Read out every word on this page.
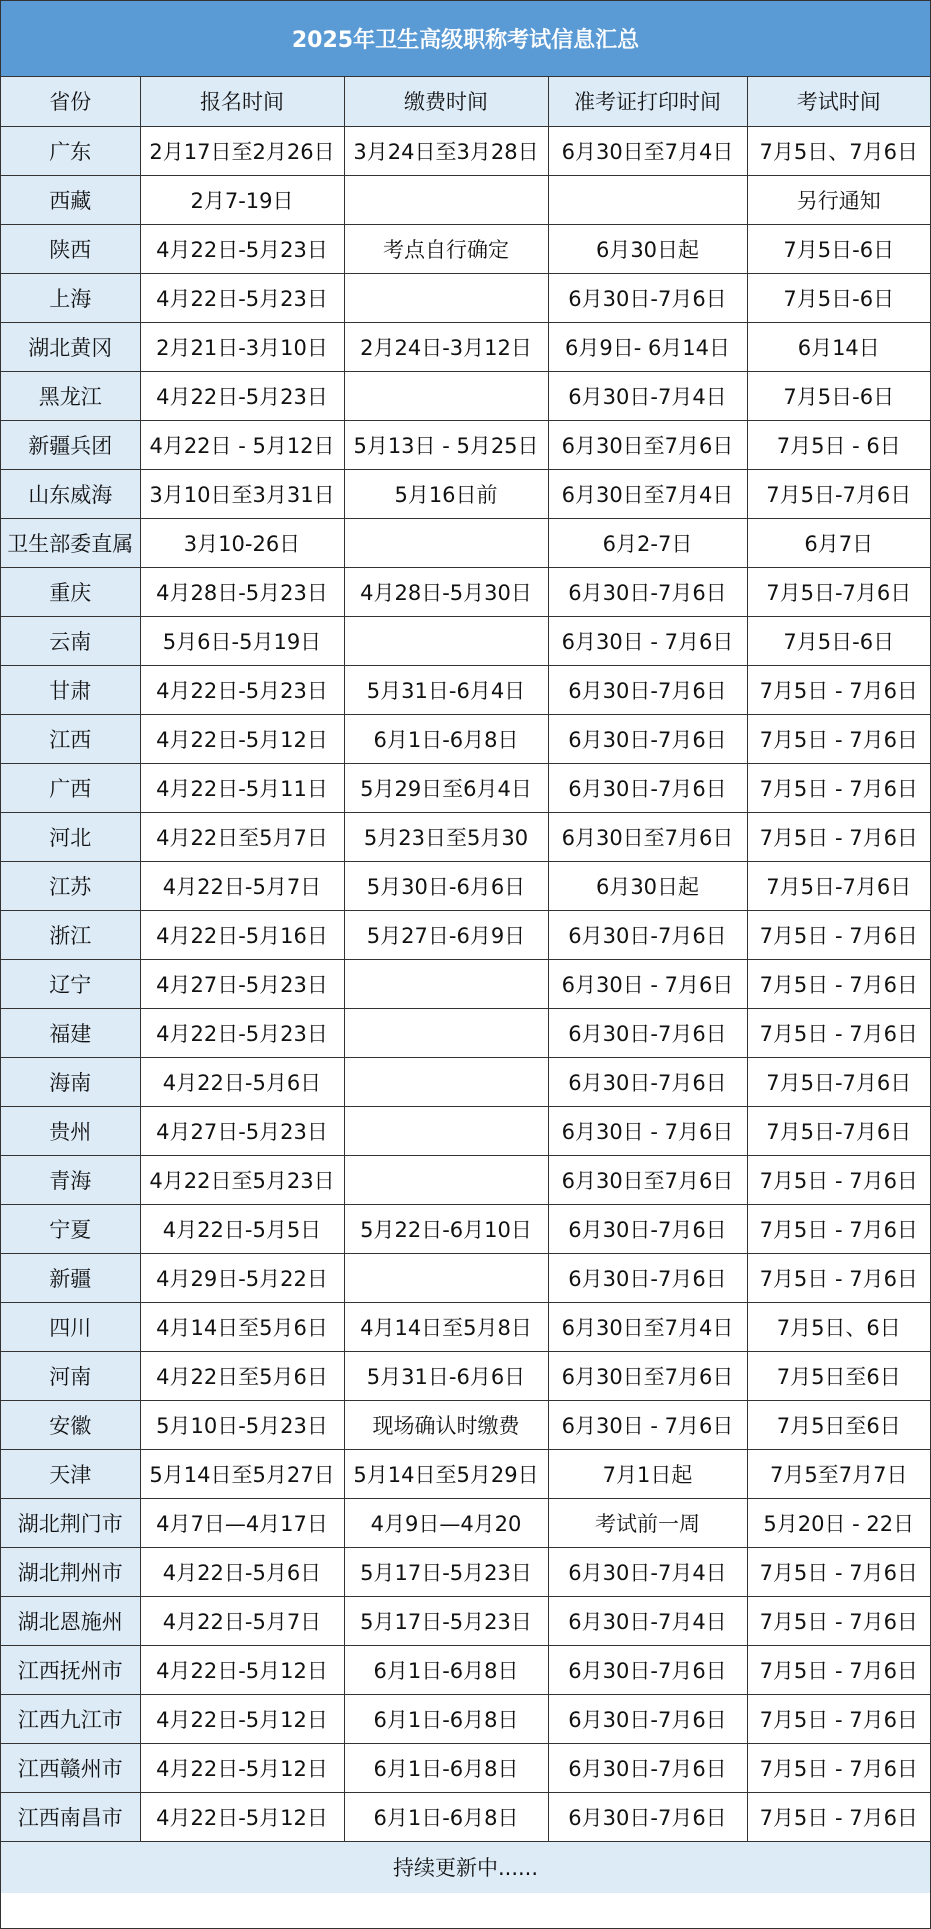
2025年卫生高级职称考试信息汇总
省份	报名时间	缴费时间	准考证打印时间	考试时间
广东	2月17日至2月26日	3月24日至3月28日	6月30日至7月4日	7月5日、7月6日
西藏	2月7-19日			另行通知
陕西	4月22日-5月23日	考点自行确定	6月30日起	7月5日-6日
上海	4月22日-5月23日		6月30日-7月6日	7月5日-6日
湖北黄冈	2月21日-3月10日	2月24日-3月12日	6月9日- 6月14日	6月14日
黑龙江	4月22日-5月23日		6月30日-7月4日	7月5日-6日
新疆兵团	4月22日 - 5月12日	5月13日 - 5月25日	6月30日至7月6日	7月5日 - 6日
山东威海	3月10日至3月31日	5月16日前	6月30日至7月4日	7月5日-7月6日
卫生部委直属	3月10-26日		6月2-7日	6月7日
重庆	4月28日-5月23日	4月28日-5月30日	6月30日-7月6日	7月5日-7月6日
云南	5月6日-5月19日		6月30日 - 7月6日	7月5日-6日
甘肃	4月22日-5月23日	5月31日-6月4日	6月30日-7月6日	7月5日 - 7月6日
江西	4月22日-5月12日	6月1日-6月8日	6月30日-7月6日	7月5日 - 7月6日
广西	4月22日-5月11日	5月29日至6月4日	6月30日-7月6日	7月5日 - 7月6日
河北	4月22日至5月7日	5月23日至5月30	6月30日至7月6日	7月5日 - 7月6日
江苏	4月22日-5月7日	5月30日-6月6日	6月30日起	7月5日-7月6日
浙江	4月22日-5月16日	5月27日-6月9日	6月30日-7月6日	7月5日 - 7月6日
辽宁	4月27日-5月23日		6月30日 - 7月6日	7月5日 - 7月6日
福建	4月22日-5月23日		6月30日-7月6日	7月5日 - 7月6日
海南	4月22日-5月6日		6月30日-7月6日	7月5日-7月6日
贵州	4月27日-5月23日		6月30日 - 7月6日	7月5日-7月6日
青海	4月22日至5月23日		6月30日至7月6日	7月5日 - 7月6日
宁夏	4月22日-5月5日	5月22日-6月10日	6月30日-7月6日	7月5日 - 7月6日
新疆	4月29日-5月22日		6月30日-7月6日	7月5日 - 7月6日
四川	4月14日至5月6日	4月14日至5月8日	6月30日至7月4日	7月5日、6日
河南	4月22日至5月6日	5月31日-6月6日	6月30日至7月6日	7月5日至6日
安徽	5月10日-5月23日	现场确认时缴费	6月30日 - 7月6日	7月5日至6日
天津	5月14日至5月27日	5月14日至5月29日	7月1日起	7月5至7月7日
湖北荆门市	4月7日—4月17日	4月9日—4月20	考试前一周	5月20日 - 22日
湖北荆州市	4月22日-5月6日	5月17日-5月23日	6月30日-7月4日	7月5日 - 7月6日
湖北恩施州	4月22日-5月7日	5月17日-5月23日	6月30日-7月4日	7月5日 - 7月6日
江西抚州市	4月22日-5月12日	6月1日-6月8日	6月30日-7月6日	7月5日 - 7月6日
江西九江市	4月22日-5月12日	6月1日-6月8日	6月30日-7月6日	7月5日 - 7月6日
江西赣州市	4月22日-5月12日	6月1日-6月8日	6月30日-7月6日	7月5日 - 7月6日
江西南昌市	4月22日-5月12日	6月1日-6月8日	6月30日-7月6日	7月5日 - 7月6日
持续更新中......
